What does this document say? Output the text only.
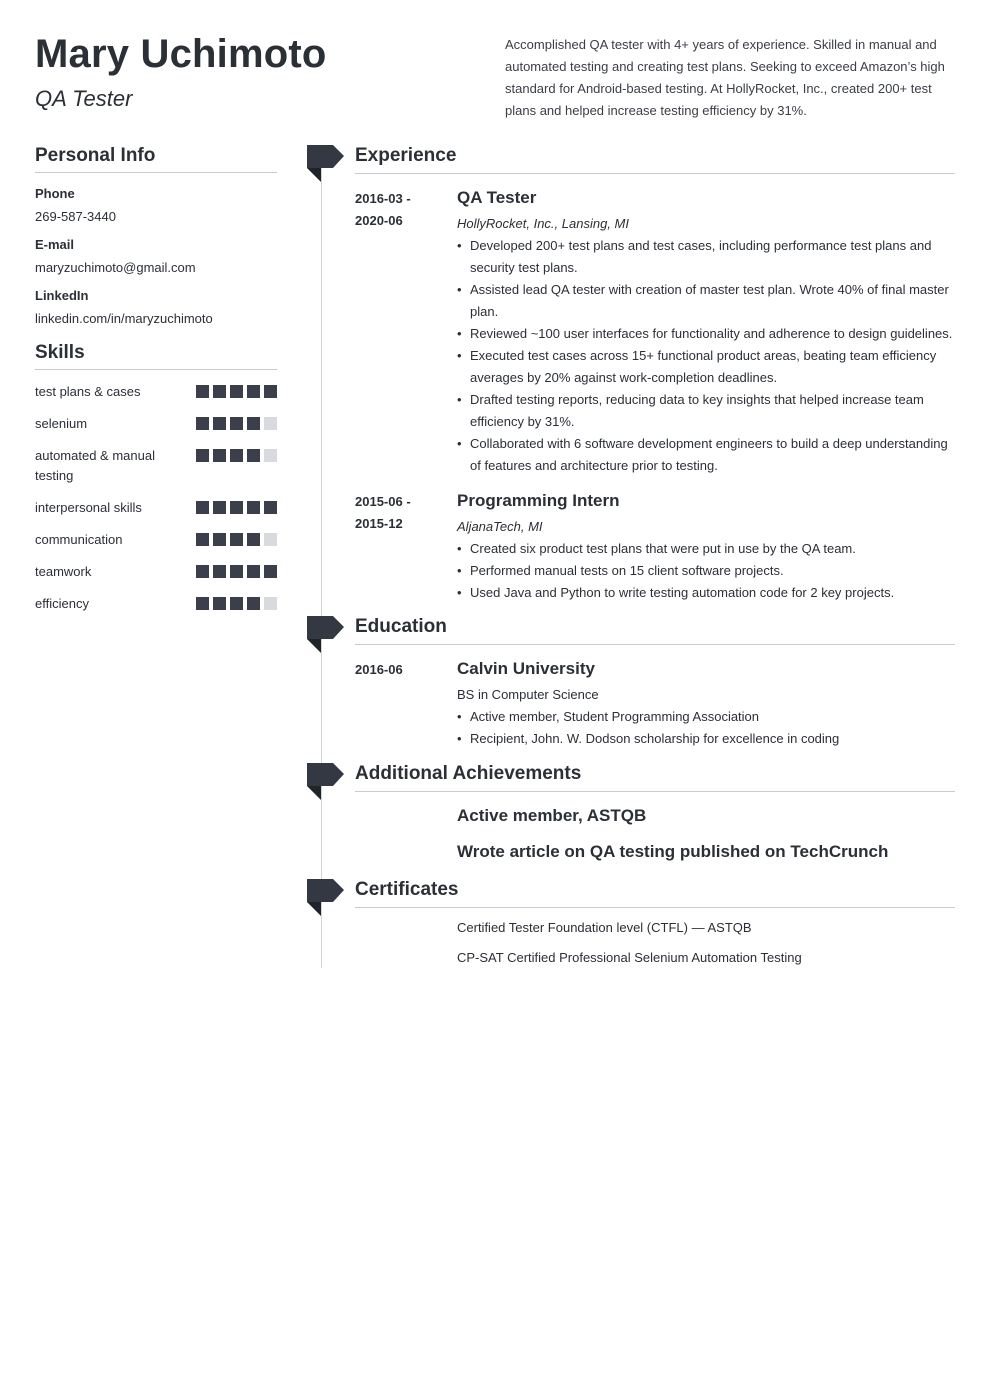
Mary Uchimoto
QA Tester
Accomplished QA tester with 4+ years of experience. Skilled in manual and automated testing and creating test plans. Seeking to exceed Amazon’s high standard for Android-based testing. At HollyRocket, Inc., created 200+ test plans and helped increase testing efficiency by 31%.
Personal Info
Phone
269-587-3440
E-mail
maryzuchimoto@gmail.com
LinkedIn
linkedin.com/in/maryzuchimoto
Skills
test plans & cases
selenium
automated & manual testing
interpersonal skills
communication
teamwork
efficiency
Experience
2016-03 -
2020-06
QA Tester
HollyRocket, Inc., Lansing, MI
• Developed 200+ test plans and test cases, including performance test plans and security test plans.
• Assisted lead QA tester with creation of master test plan. Wrote 40% of final master plan.
• Reviewed ~100 user interfaces for functionality and adherence to design guidelines.
• Executed test cases across 15+ functional product areas, beating team efficiency averages by 20% against work-completion deadlines.
• Drafted testing reports, reducing data to key insights that helped increase team efficiency by 31%.
• Collaborated with 6 software development engineers to build a deep understanding of features and architecture prior to testing.
2015-06 -
2015-12
Programming Intern
AljanaTech, MI
• Created six product test plans that were put in use by the QA team.
• Performed manual tests on 15 client software projects.
• Used Java and Python to write testing automation code for 2 key projects.
Education
2016-06	Calvin University
BS in Computer Science
• Active member, Student Programming Association
• Recipient, John. W. Dodson scholarship for excellence in coding
Additional Achievements
Active member, ASTQB
Wrote article on QA testing published on TechCrunch
Certificates
Certified Tester Foundation level (CTFL) — ASTQB
CP-SAT Certified Professional Selenium Automation Testing
